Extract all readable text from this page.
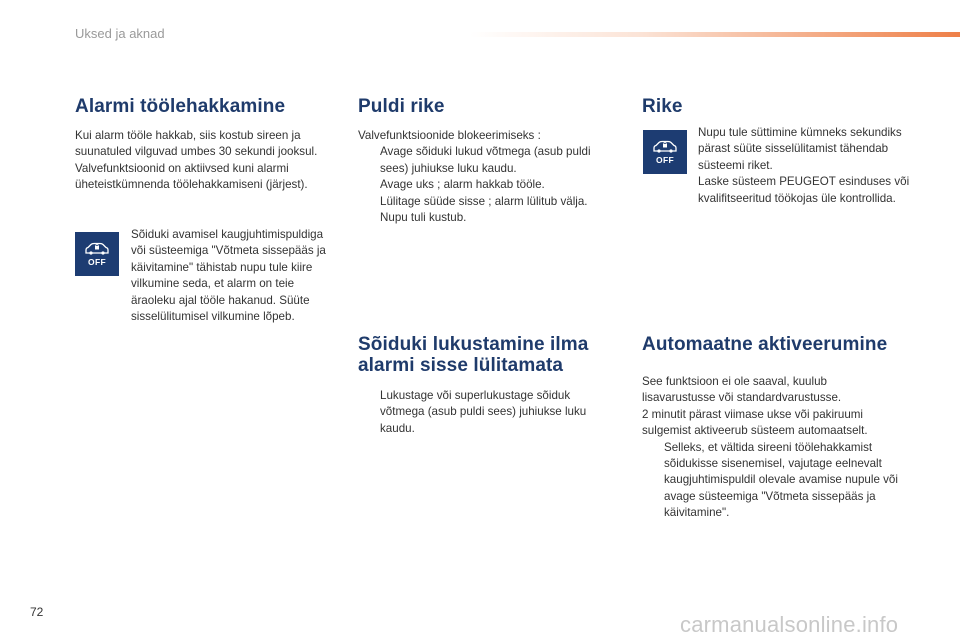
Uksed ja aknad
Alarmi töölehakkamine

Kui alarm tööle hakkab, siis kostub sireen ja suunatuled vilguvad umbes 30 sekundi jooksul. Valvefunktsioonid on aktiivsed kuni alarmi üheteistkümnenda töölehakkamiseni (järjest).

OFF

Sõiduki avamisel kaugjuhtimispuldiga või süsteemiga "Võtmeta sissepääs ja käivitamine" tähistab nupu tule kiire vilkumine seda, et alarm on teie äraoleku ajal tööle hakanud. Süüte sisselülitumisel vilkumine lõpeb.

Puldi rike

Valvefunktsioonide blokeerimiseks :

Avage sõiduki lukud võtmega (asub puldi sees) juhiukse luku kaudu.
Avage uks ; alarm hakkab tööle.
Lülitage süüde sisse ; alarm lülitub välja. Nupu tuli kustub.
Sõiduki lukustamine ilma
alarmi sisse lülitamata
Lukustage või superlukustage sõiduk võtmega (asub puldi sees) juhiukse luku kaudu.
Rike
OFF

Nupu tule süttimine kümneks sekundiks pärast süüte sisselülitamist tähendab süsteemi riket.

Laske süsteem PEUGEOT esinduses või kvalifitseeritud töökojas üle kontrollida.

Automaatne aktiveerumine

See funktsioon ei ole saaval, kuulub lisavarustusse või standardvarustusse.

2 minutit pärast viimase ukse või pakiruumi sulgemist aktiveerub süsteem automaatselt.

Selleks, et vältida sireeni töölehakkamist sõidukisse sisenemisel, vajutage eelnevalt kaugjuhtimispuldil olevale avamise nupule või avage süsteemiga "Võtmeta sissepääs ja käivitamine".
72	carmanualsonline.info
